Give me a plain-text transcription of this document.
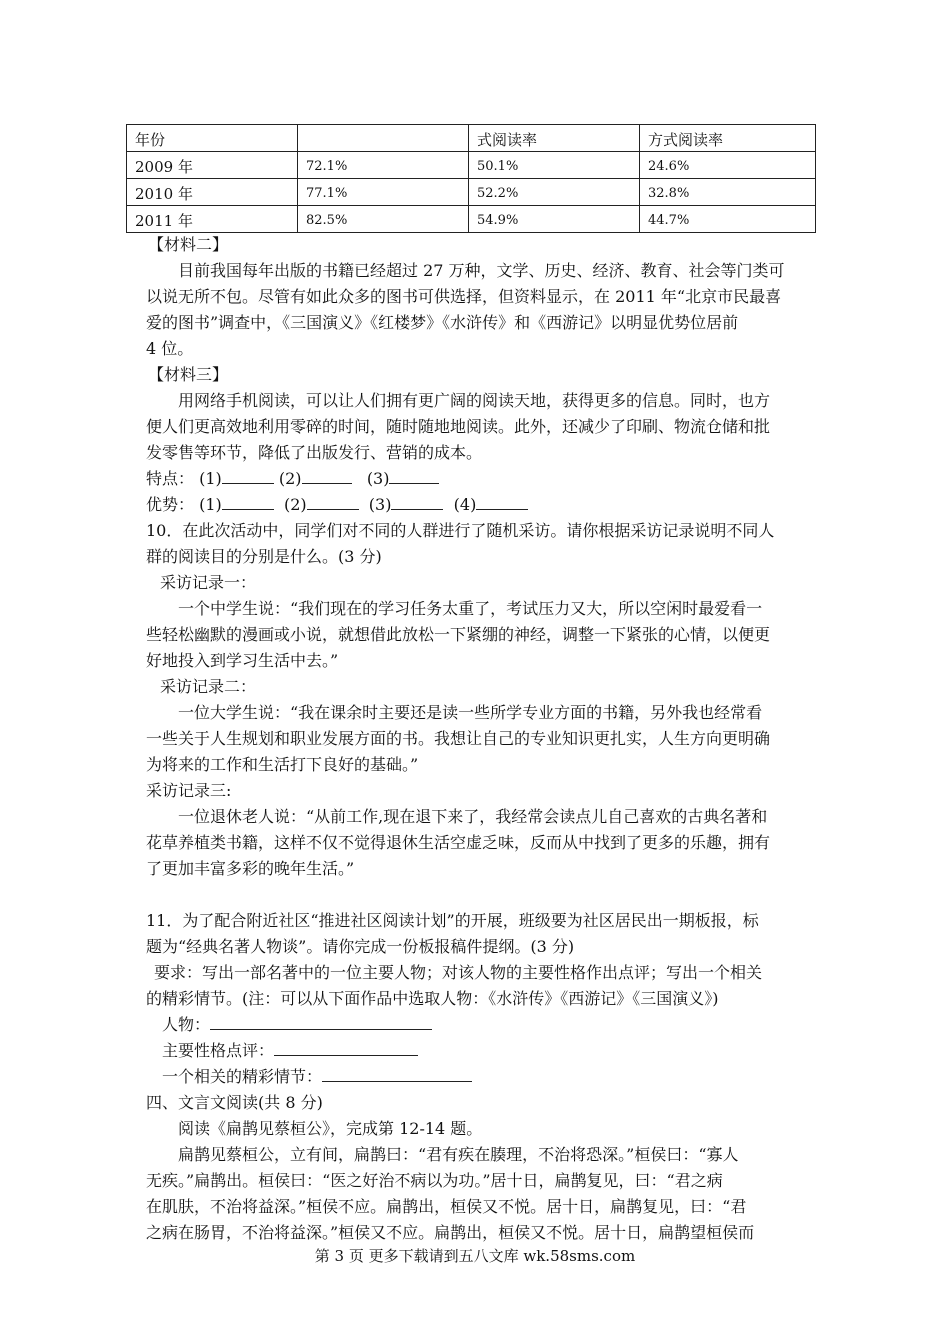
年份		式阅读率	方式阅读率
2009 年	72.1%	50.1%	24.6%
2010 年	77.1%	52.2%	32.8%
2011 年	82.5%	54.9%	44.7%
【材料二】
目前我国每年出版的书籍已经超过 27 万种，文学、历史、经济、教育、社会等门类可
以说无所不包。尽管有如此众多的图书可供选择，但资料显示，在 2011 年“北京市民最喜
爱的图书”调查中，《三国演义》《红楼梦》《水浒传》和《西游记》以明显优势位居前
4 位。
【材料三】
用网络手机阅读，可以让人们拥有更广阔的阅读天地，获得更多的信息。同时，也方
便人们更高效地利用零碎的时间，随时随地地阅读。此外，还减少了印刷、物流仓储和批
发零售等环节，降低了出版发行、营销的成本。
特点： (1)	(2)	(3)
优势： (1)	(2)	(3)	(4)
10．在此次活动中，同学们对不同的人群进行了随机采访。请你根据采访记录说明不同人
群的阅读目的分别是什么。(3 分)
采访记录一：
一个中学生说：“我们现在的学习任务太重了，考试压力又大，所以空闲时最爱看一
些轻松幽默的漫画或小说，就想借此放松一下紧绷的神经，调整一下紧张的心情，以便更
好地投入到学习生活中去。”
采访记录二：
一位大学生说：“我在课余时主要还是读一些所学专业方面的书籍，另外我也经常看
一些关于人生规划和职业发展方面的书。我想让自己的专业知识更扎实，人生方向更明确
为将来的工作和生活打下良好的基础。”
采访记录三:
一位退休老人说：“从前工作,现在退下来了，我经常会读点儿自己喜欢的古典名著和
花草养植类书籍，这样不仅不觉得退休生活空虚乏味，反而从中找到了更多的乐趣，拥有
了更加丰富多彩的晚年生活。”
11．为了配合附近社区“推进社区阅读计划”的开展，班级要为社区居民出一期板报，标
题为“经典名著人物谈”。请你完成一份板报稿件提纲。(3 分)
要求：写出一部名著中的一位主要人物；对该人物的主要性格作出点评；写出一个相关
的精彩情节。(注：可以从下面作品中选取人物：《水浒传》《西游记》《三国演义》)
人物：
主要性格点评：
一个相关的精彩情节：
四、文言文阅读(共 8 分)
阅读《扁鹊见蔡桓公》，完成第 12-14 题。
扁鹊见蔡桓公，立有间，扁鹊曰：“君有疾在腠理，不治将恐深。”桓侯曰：“寡人
无疾。”扁鹊出。桓侯曰：“医之好治不病以为功。”居十日，扁鹊复见，曰：“君之病
在肌肤，不治将益深。”桓侯不应。扁鹊出，桓侯又不悦。居十日，扁鹊复见，曰：“君
之病在肠胃，不治将益深。”桓侯又不应。扁鹊出，桓侯又不悦。居十日，扁鹊望桓侯而
第 3 页 更多下载请到五八文库 wk.58sms.com
